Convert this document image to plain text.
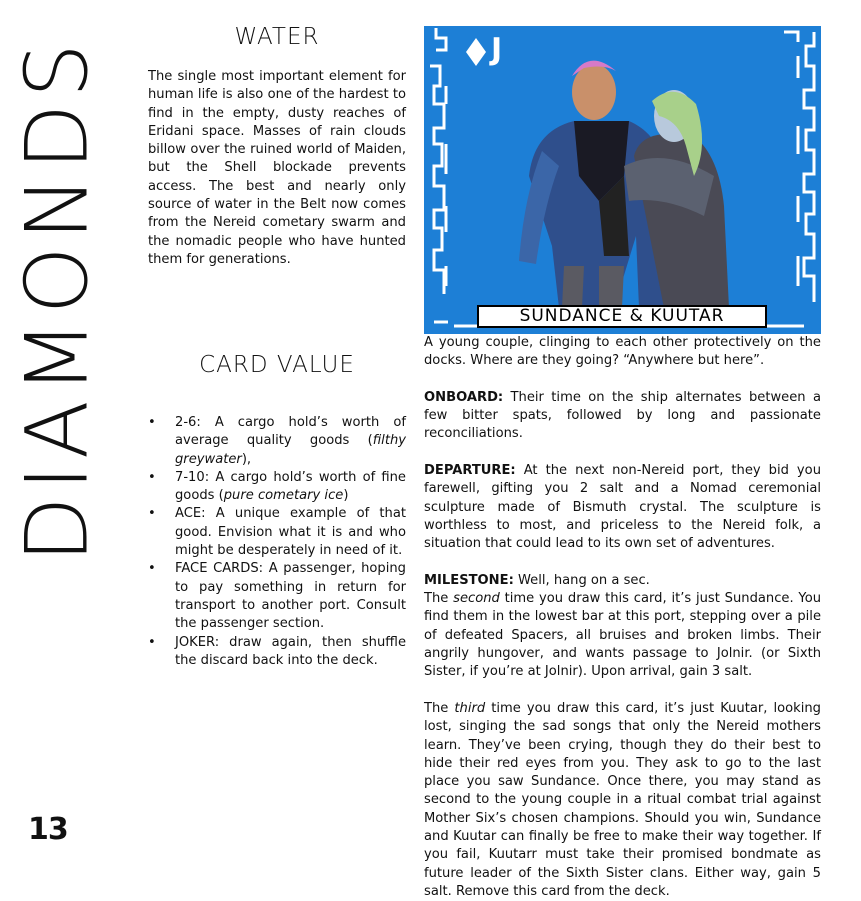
DIAMONDS
13
WATER
The single most important element for human life is also one of the hardest to find in the empty, dusty reaches of Eridani space. Masses of rain clouds billow over the ruined world of Maiden, but the Shell blockade prevents access. The best and nearly only source of water in the Belt now comes from the Nereid cometary swarm and the nomadic people who have hunted them for generations.
CARD VALUE
• 2-6: A cargo hold’s worth of average quality goods (filthy greywater),
• 7-10: A cargo hold’s worth of fine goods (pure cometary ice)
• ACE: A unique example of that good. Envision what it is and who might be desperately in need of it.
• FACE CARDS: A passenger, hoping to pay something in return for transport to another port. Consult the passenger section.
• JOKER: draw again, then shuffle the discard back into the deck.
J
SUNDANCE & KUUTAR

A young couple, clinging to each other protectively on the docks. Where are they going? “Anywhere but here”.

ONBOARD: Their time on the ship alternates between a few bitter spats, followed by long and passionate reconciliations.

DEPARTURE: At the next non-Nereid port, they bid you farewell, gifting you 2 salt and a Nomad ceremonial sculpture made of Bismuth crystal. The sculpture is worthless to most, and priceless to the Nereid folk, a situation that could lead to its own set of adventures.

MILESTONE: Well, hang on a sec.

The second time you draw this card, it’s just Sundance. You find them in the lowest bar at this port, stepping over a pile of defeated Spacers, all bruises and broken limbs. Their angrily hungover, and wants passage to Jolnir. (or Sixth Sister, if you’re at Jolnir). Upon arrival, gain 3 salt.

The third time you draw this card, it’s just Kuutar, looking lost, singing the sad songs that only the Nereid mothers learn. They’ve been crying, though they do their best to hide their red eyes from you. They ask to go to the last place you saw Sundance. Once there, you may stand as second to the young couple in a ritual combat trial against Mother Six’s chosen champions. Should you win, Sundance and Kuutar can finally be free to make their way together. If you fail, Kuutarr must take their promised bondmate as future leader of the Sixth Sister clans. Either way, gain 5 salt. Remove this card from the deck.
